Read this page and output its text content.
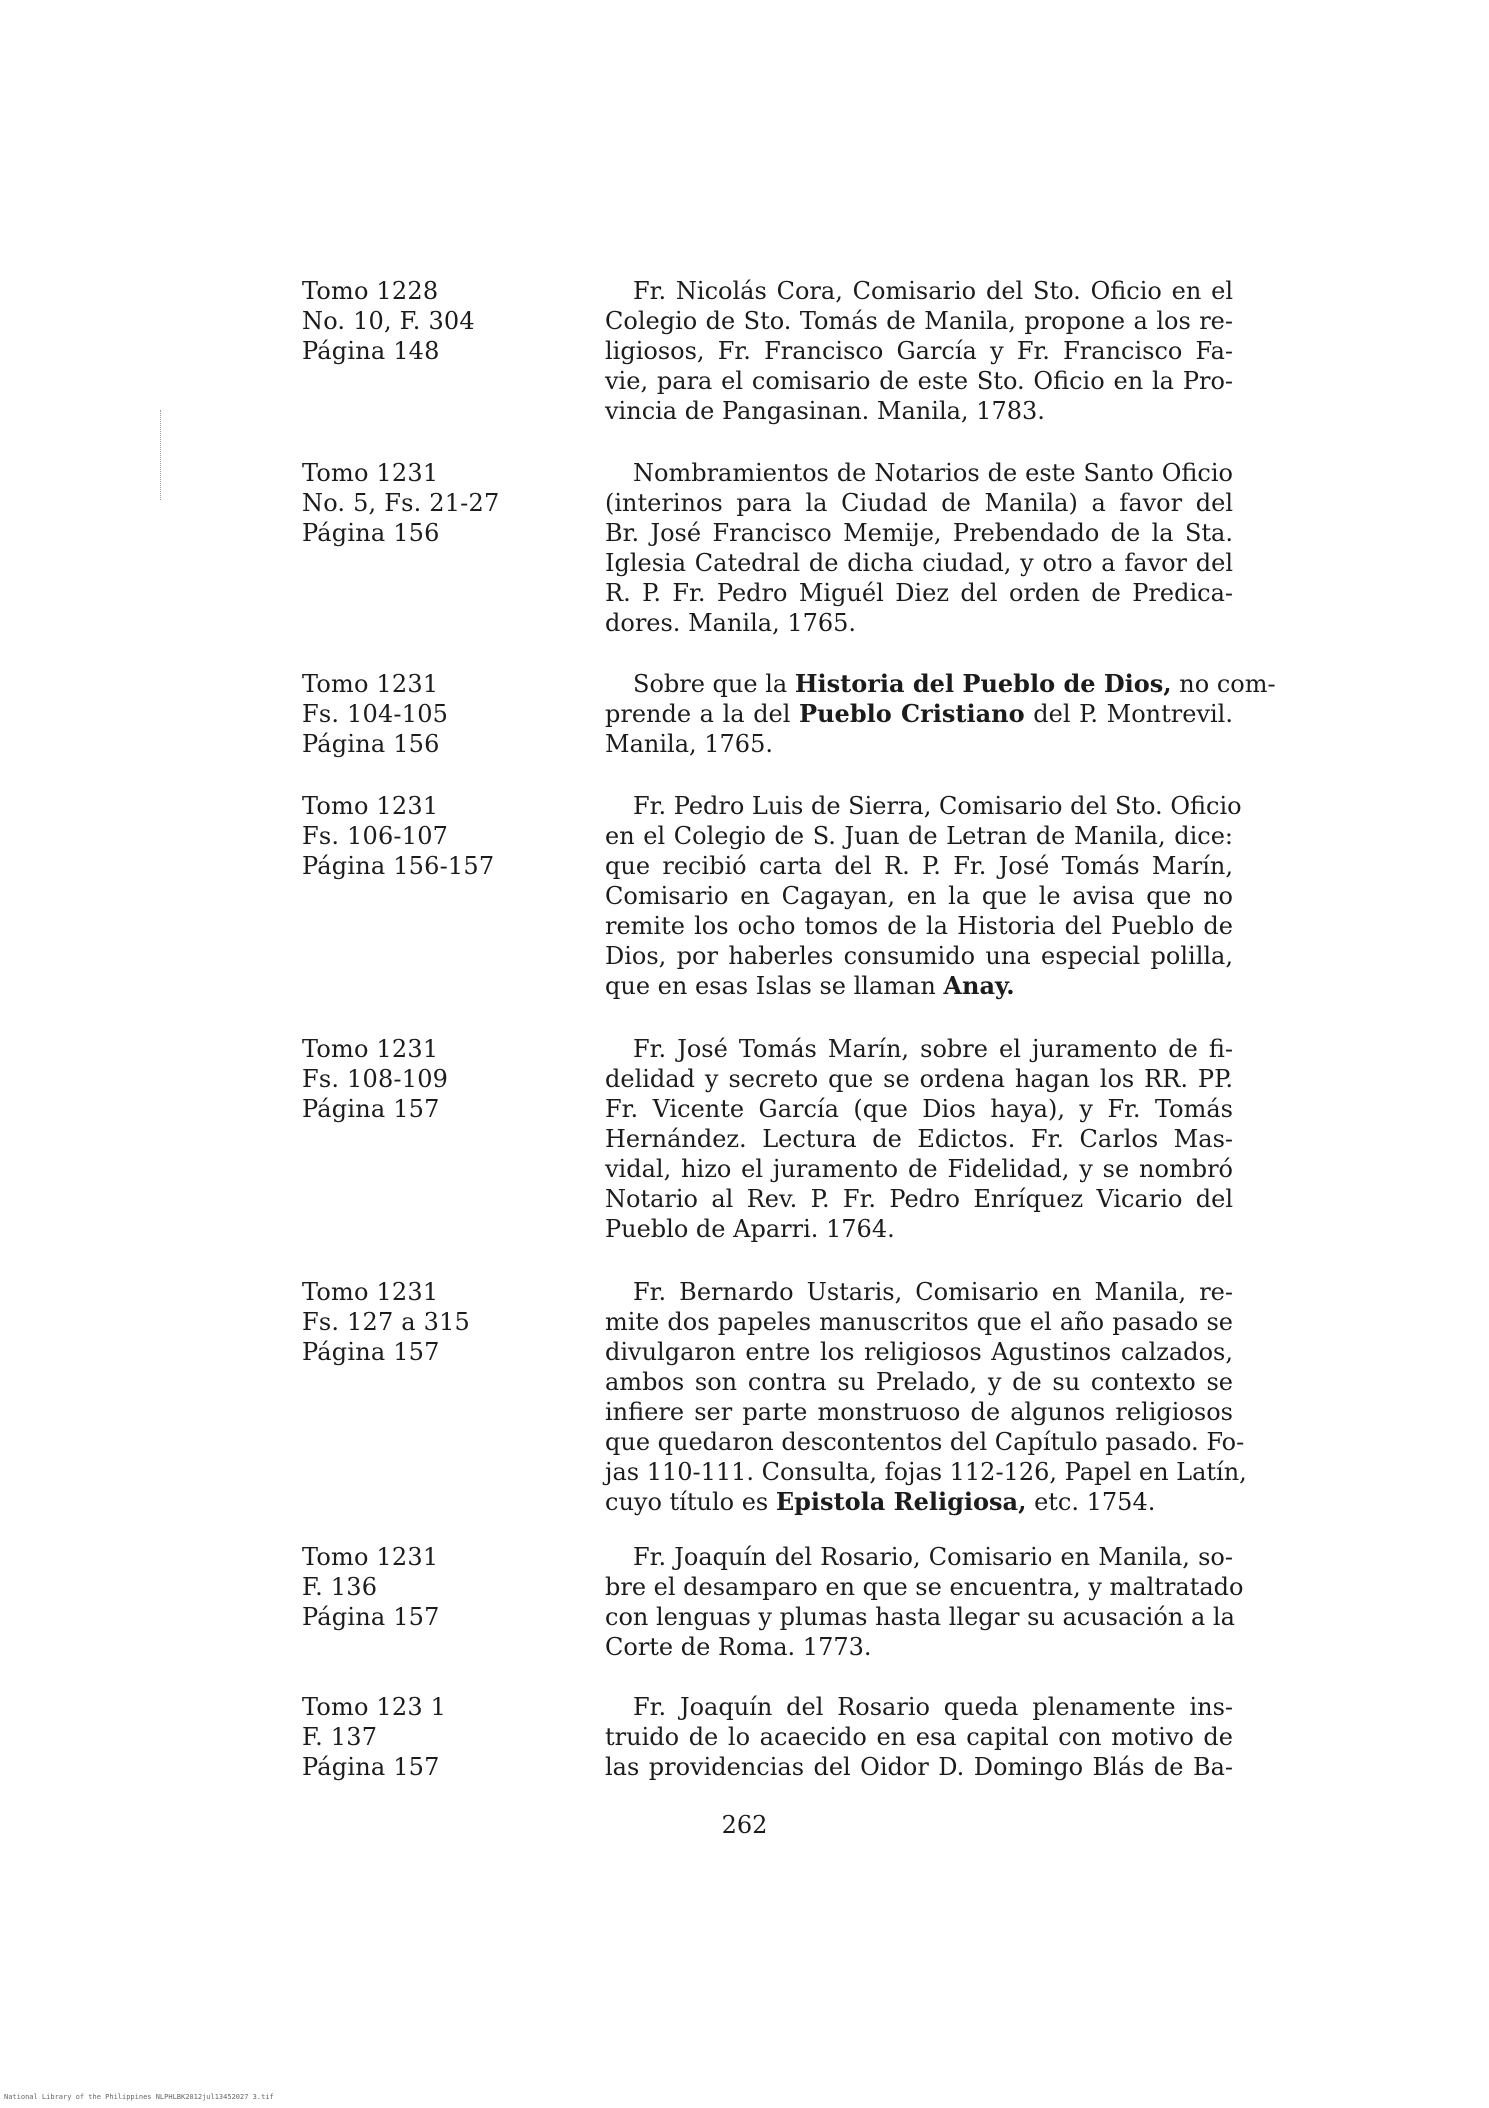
Tomo 1228
No. 10, F. 304
Página 148
Fr. Nicolás Cora, Comisario del Sto. Oficio en el
Colegio de Sto. Tomás de Manila, propone a los re-
ligiosos, Fr. Francisco García y Fr. Francisco Fa-
vie, para el comisario de este Sto. Oficio en la Pro-
vincia de Pangasinan. Manila, 1783.
Tomo 1231
No. 5, Fs. 21-27
Página 156
Nombramientos de Notarios de este Santo Oficio
(interinos para la Ciudad de Manila) a favor del
Br. José Francisco Memije, Prebendado de la Sta.
Iglesia Catedral de dicha ciudad, y otro a favor del
R. P. Fr. Pedro Miguél Diez del orden de Predica-
dores. Manila, 1765.
Tomo 1231
Fs. 104-105
Página 156
Sobre que la Historia del Pueblo de Dios, no com-
prende a la del Pueblo Cristiano del P. Montrevil.
Manila, 1765.
Tomo 1231
Fs. 106-107
Página 156-157
Fr. Pedro Luis de Sierra, Comisario del Sto. Oficio
en el Colegio de S. Juan de Letran de Manila, dice:
que recibió carta del R. P. Fr. José Tomás Marín,
Comisario en Cagayan, en la que le avisa que no
remite los ocho tomos de la Historia del Pueblo de
Dios, por haberles consumido una especial polilla,
que en esas Islas se llaman Anay.
Tomo 1231
Fs. 108-109
Página 157
Fr. José Tomás Marín, sobre el juramento de fi-
delidad y secreto que se ordena hagan los RR. PP.
Fr. Vicente García (que Dios haya), y Fr. Tomás
Hernández. Lectura de Edictos. Fr. Carlos Mas-
vidal, hizo el juramento de Fidelidad, y se nombró
Notario al Rev. P. Fr. Pedro Enríquez Vicario del
Pueblo de Aparri. 1764.
Tomo 1231
Fs. 127 a 315
Página 157
Fr. Bernardo Ustaris, Comisario en Manila, re-
mite dos papeles manuscritos que el año pasado se
divulgaron entre los religiosos Agustinos calzados,
ambos son contra su Prelado, y de su contexto se
infiere ser parte monstruoso de algunos religiosos
que quedaron descontentos del Capítulo pasado. Fo-
jas 110-111. Consulta, fojas 112-126, Papel en Latín,
cuyo título es Epistola Religiosa, etc. 1754.
Tomo 1231
F. 136
Página 157
Fr. Joaquín del Rosario, Comisario en Manila, so-
bre el desamparo en que se encuentra, y maltratado
con lenguas y plumas hasta llegar su acusación a la
Corte de Roma. 1773.
Tomo 123 1
F. 137
Página 157
Fr. Joaquín del Rosario queda plenamente ins-
truido de lo acaecido en esa capital con motivo de
las providencias del Oidor D. Domingo Blás de Ba-
262
National Library of the Philippines NLPHLBK2012jul13452027 3.tif
